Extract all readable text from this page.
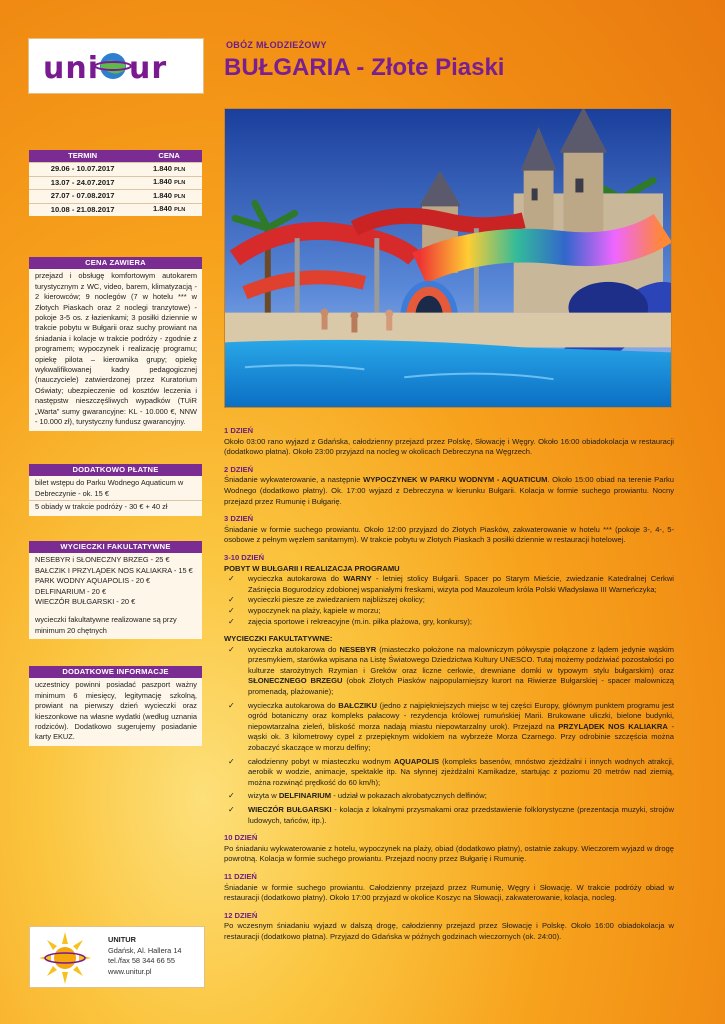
uni ur
OBÓZ MŁODZIEŻOWY
BUŁGARIA - Złote Piaski
TERMIN	CENA
29.06 - 10.07.2017	1.840 PLN
13.07 - 24.07.2017	1.840 PLN
27.07 - 07.08.2017	1.840 PLN
10.08 - 21.08.2017	1.840 PLN
CENA ZAWIERA
przejazd i obsługę komfortowym autokarem turystycznym z WC, video, barem, klimatyzacją - 2 kierowców; 9 noclegów (7 w hotelu *** w Złotych Piaskach oraz 2 noclegi tranzytowe) - pokoje 3-5 os. z łazienkami; 3 posiłki dziennie w trakcie pobytu w Bułgarii oraz suchy prowiant na śniadania i kolacje w trakcie podróży - zgodnie z programem; wypoczynek i realizację programu; opiekę pilota – kierownika grupy; opiekę wykwalifikowanej kadry pedagogicznej (nauczyciele) zatwierdzonej przez Kuratorium Oświaty; ubezpieczenie od kosztów leczenia i następstw nieszczęśliwych wypadków (TUiR „Warta” sumy gwarancyjne: KL - 10.000 €, NNW - 10.000 zł), turystyczny fundusz gwarancyjny.
DODATKOWO PŁATNE
bilet wstępu do Parku Wodnego Aquaticum w Debreczynie - ok. 15 €
5 obiady w trakcie podróży - 30 € + 40 zł
WYCIECZKI FAKULTATYWNE
NESEBYR i SŁONECZNY BRZEG - 25 €
BAŁCZIK I PRZYLĄDEK NOS KALIAKRA - 15 €
PARK WODNY AQUAPOLIS - 20 €
DELFINARIUM - 20 €
WIECZÓR BUŁGARSKI - 20 €
wycieczki fakultatywne realizowane są przy minimum 20 chętnych
DODATKOWE INFORMACJE
uczestnicy powinni posiadać paszport ważny minimum 6 miesięcy, legitymację szkolną, prowiant na pierwszy dzień wycieczki oraz kieszonkowe na własne wydatki (według uznania rodziców). Dodatkowo sugerujemy posiadanie karty EKUZ.
1 DZIEŃ
Około 03:00 rano wyjazd z Gdańska, całodzienny przejazd przez Polskę, Słowację i Węgry. Około 16:00 obiadokolacja w restauracji (dodatkowo płatna). Około 23:00 przyjazd na nocleg w okolicach Debreczyna na Węgrzech.
2 DZIEŃ
Śniadanie wykwaterowanie, a następnie WYPOCZYNEK W PARKU WODNYM - AQUATICUM. Około 15:00 obiad na terenie Parku Wodnego (dodatkowo płatny). Ok. 17:00 wyjazd z Debreczyna w kierunku Bułgarii. Kolacja w formie suchego prowiantu. Nocny przejazd przez Rumunię i Bułgarię.
3 DZIEŃ
Śniadanie w formie suchego prowiantu. Około 12:00 przyjazd do Złotych Piasków, zakwaterowanie w hotelu *** (pokoje 3-, 4-, 5- osobowe z pełnym węzłem sanitarnym). W trakcie pobytu w Złotych Piaskach 3 posiłki dziennie w restauracji hotelowej.
3-10 DZIEŃ
POBYT W BUŁGARII I REALIZACJA PROGRAMU
✓ wycieczka autokarowa do WARNY - letniej stolicy Bułgarii. Spacer po Starym Mieście, zwiedzanie Katedralnej Cerkwi Zaśnięcia Bogurodzicy zdobionej wspaniałymi freskami, wizyta pod Mauzoleum króla Polski Władysława III Warneńczyka;
✓ wycieczki piesze ze zwiedzaniem najbliższej okolicy;
✓ wypoczynek na plaży, kąpiele w morzu;
✓ zajęcia sportowe i rekreacyjne (m.in. piłka plażowa, gry, konkursy);
WYCIECZKI FAKULTATYWNE:
✓ wycieczka autokarowa do NESEBYR (miasteczko położone na malowniczym półwyspie połączone z lądem jedynie wąskim przesmykiem, starówka wpisana na Listę Światowego Dziedzictwa Kultury UNESCO. Tutaj możemy podziwiać pozostałości po kulturze starożytnych Rzymian i Greków oraz liczne cerkwie, drewniane domki w typowym stylu bułgarskim) oraz SŁONECZNEGO BRZEGU (obok Złotych Piasków najpopularniejszy kurort na Riwierze Bułgarskiej - spacer malowniczą promenadą, plażowanie);
✓ wycieczka autokarowa do BAŁCZIKU (jedno z najpiękniejszych miejsc w tej części Europy, głównym punktem programu jest ogród botaniczny oraz kompleks pałacowy - rezydencja królowej rumuńskiej Marii. Brukowane uliczki, bielone budynki, niepowtarzalna zieleń, bliskość morza nadają miastu niepowtarzalny urok). Przejazd na PRZYLĄDEK NOS KALIAKRA - wąski ok. 3 kilometrowy cypel z przepięknym widokiem na wybrzeże Morza Czarnego. Przy odrobinie szczęścia można zobaczyć skaczące w morzu delfiny;
✓ całodzienny pobyt w miasteczku wodnym AQUAPOLIS (kompleks basenów, mnóstwo zjeżdżalni i innych wodnych atrakcji, aerobik w wodzie, animacje, spektakle itp. Na słynnej zjeżdżalni Kamikadze, startując z poziomu 20 metrów nad ziemią, można rozwinąć prędkość do 60 km/h);
✓ wizyta w DELFINARIUM - udział w pokazach akrobatycznych delfinów;
✓ WIECZÓR BUŁGARSKI - kolacja z lokalnymi przysmakami oraz przedstawienie folklorystyczne (prezentacja muzyki, strojów ludowych, tańców, itp.).
10 DZIEŃ
Po śniadaniu wykwaterowanie z hotelu, wypoczynek na plaży, obiad (dodatkowo płatny), ostatnie zakupy. Wieczorem wyjazd w drogę powrotną. Kolacja w formie suchego prowiantu. Przejazd nocny przez Bułgarię i Rumunię.
11 DZIEŃ
Śniadanie w formie suchego prowiantu. Całodzienny przejazd przez Rumunię, Węgry i Słowację. W trakcie podróży obiad w restauracji (dodatkowo płatny). Około 17:00 przyjazd w okolice Koszyc na Słowacji, zakwaterowanie, kolacja, nocleg.
12 DZIEŃ
Po wczesnym śniadaniu wyjazd w dalszą drogę, całodzienny przejazd przez Słowację i Polskę. Około 16:00 obiadokolacja w restauracji (dodatkowo płatna). Przyjazd do Gdańska w późnych godzinach wieczornych (ok. 24:00).
UNITUR
Gdańsk, Al. Hallera 14
tel./fax 58 344 66 55
www.unitur.pl
